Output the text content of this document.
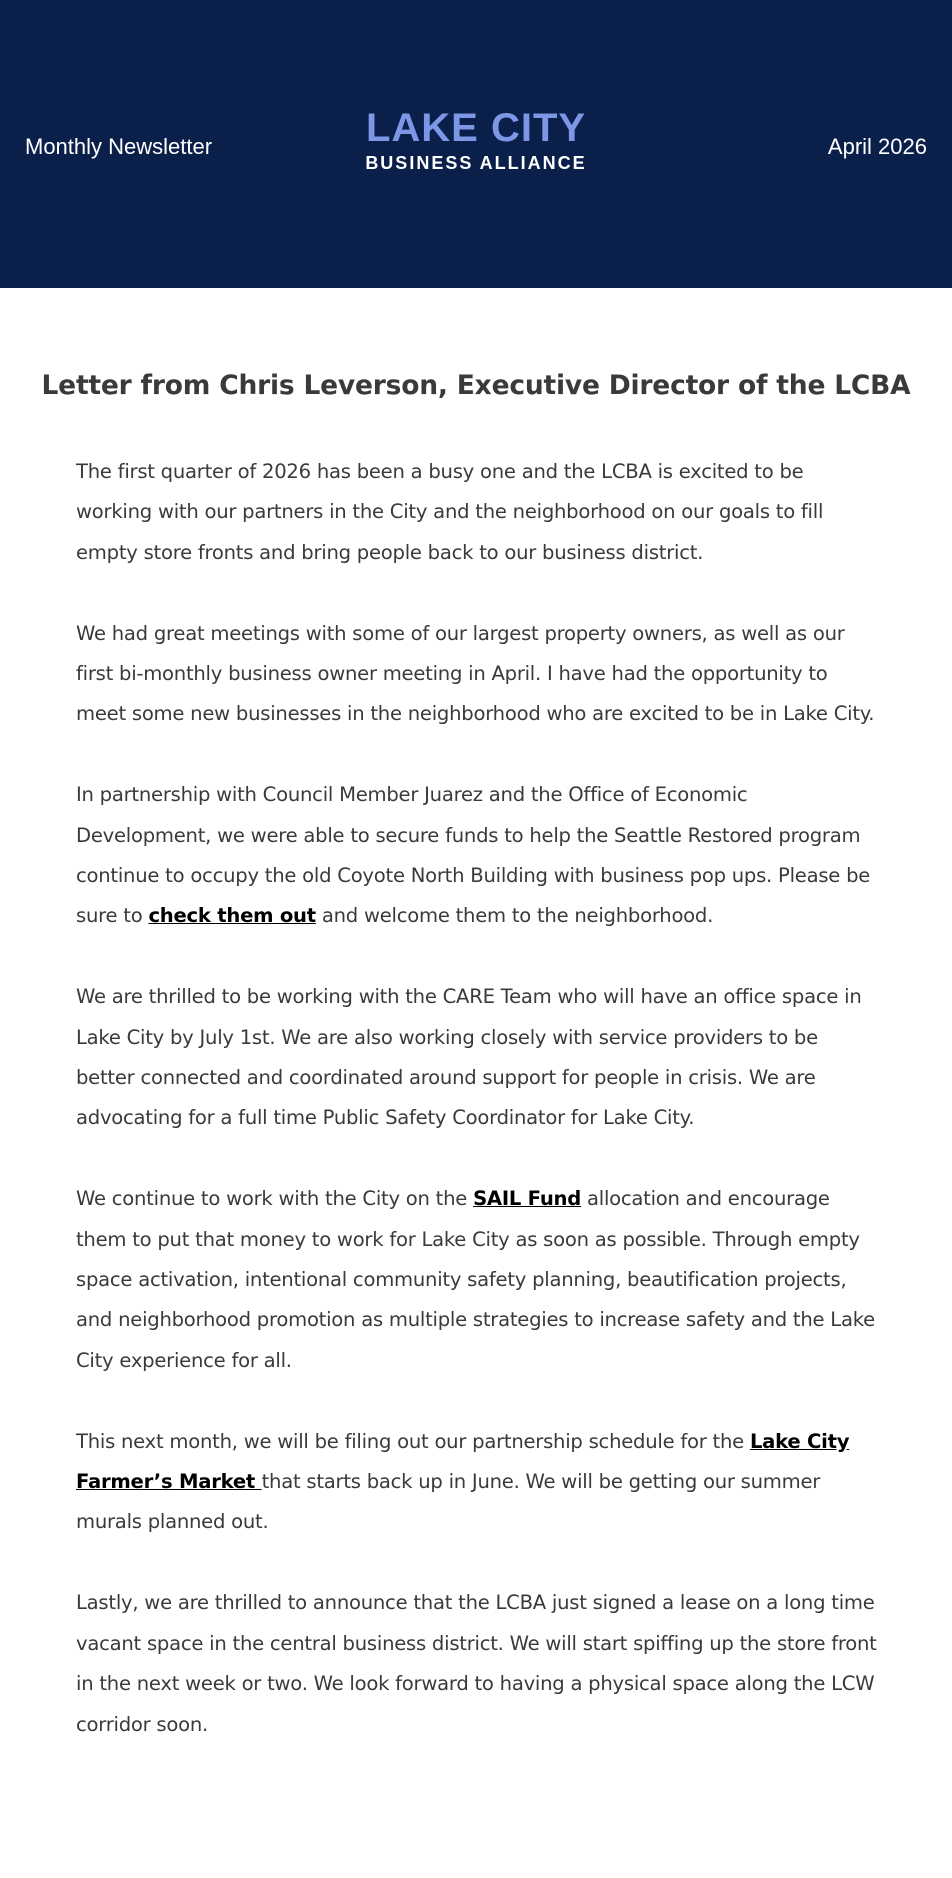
Monthly Newsletter	LAKE CITY
BUSINESS ALLIANCE
April 2026
Letter from Chris Leverson, Executive Director of the LCBA

The first quarter of 2026 has been a busy one and the LCBA is excited to be working with our partners in the City and the neighborhood on our goals to fill empty store fronts and bring people back to our business district.

We had great meetings with some of our largest property owners, as well as our first bi-monthly business owner meeting in April. I have had the opportunity to meet some new businesses in the neighborhood who are excited to be in Lake City.

In partnership with Council Member Juarez and the Office of Economic Development, we were able to secure funds to help the Seattle Restored program continue to occupy the old Coyote North Building with business pop ups. Please be sure to check them out and welcome them to the neighborhood.

We are thrilled to be working with the CARE Team who will have an office space in Lake City by July 1st. We are also working closely with service providers to be better connected and coordinated around support for people in crisis. We are advocating for a full time Public Safety Coordinator for Lake City.

We continue to work with the City on the SAIL Fund allocation and encourage them to put that money to work for Lake City as soon as possible. Through empty space activation, intentional community safety planning, beautification projects, and neighborhood promotion as multiple strategies to increase safety and the Lake City experience for all.

This next month, we will be filing out our partnership schedule for the Lake City Farmer’s Market that starts back up in June. We will be getting our summer murals planned out.

Lastly, we are thrilled to announce that the LCBA just signed a lease on a long time vacant space in the central business district. We will start spiffing up the store front in the next week or two. We look forward to having a physical space along the LCW corridor soon.
